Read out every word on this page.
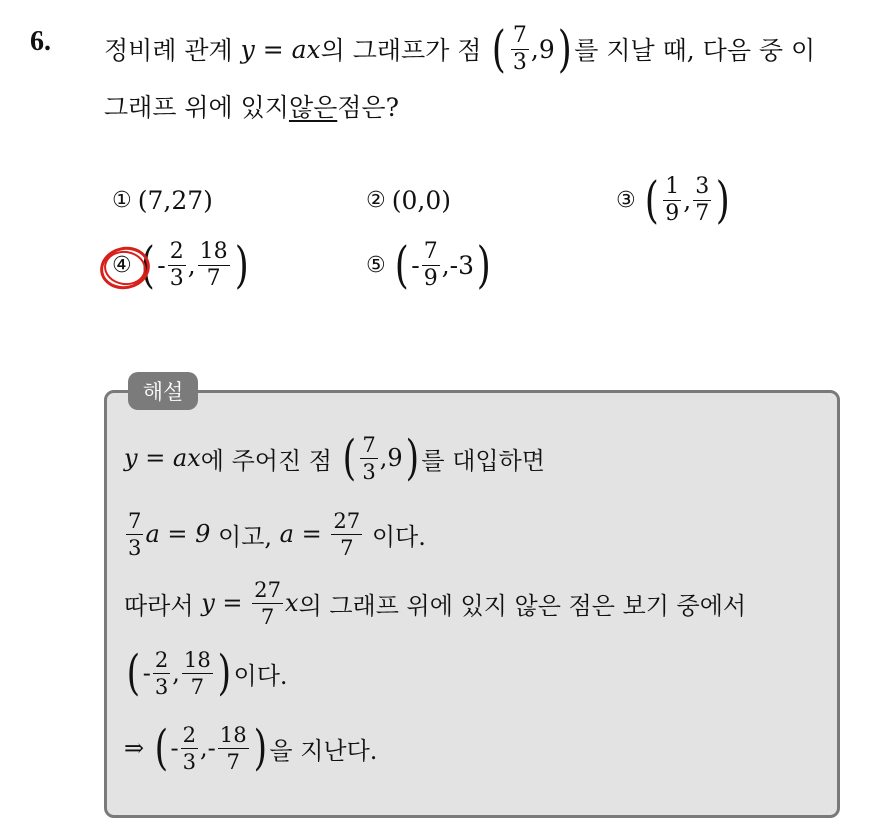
6. 정비례 관계
y
=
ax 의 그래프가 점
( $\frac{7}{3} ,9$ ) 를 지날 때, 다음 중 이
그래프 위에 있지 않은 점은?
① (7,27)	② (0,0)	③ ( $\frac{1}{9}$ , $\frac{3}{7}$ )
④ ( - $\frac{2}{3}$ , $\frac{18}{7}$ )	⑤ ( - $\frac{7}{9} ,-3$ )
해설
y = ax 에 주어진 점
( $\frac{7}{3} ,9$ ) 를 대입하면
$\frac{7}{3}$ a = 9
이고,
a =
$\frac{27}{7}$
이다.
따라서
y =
$\frac{27}{7}$ x 의 그래프 위에 있지 않은 점은 보기 중에서
( - $\frac{2}{3}$ , $\frac{18}{7}$ ) 이다.
⇒
( - $\frac{2}{3}$ ,- $\frac{18}{7}$ ) 을 지난다.
